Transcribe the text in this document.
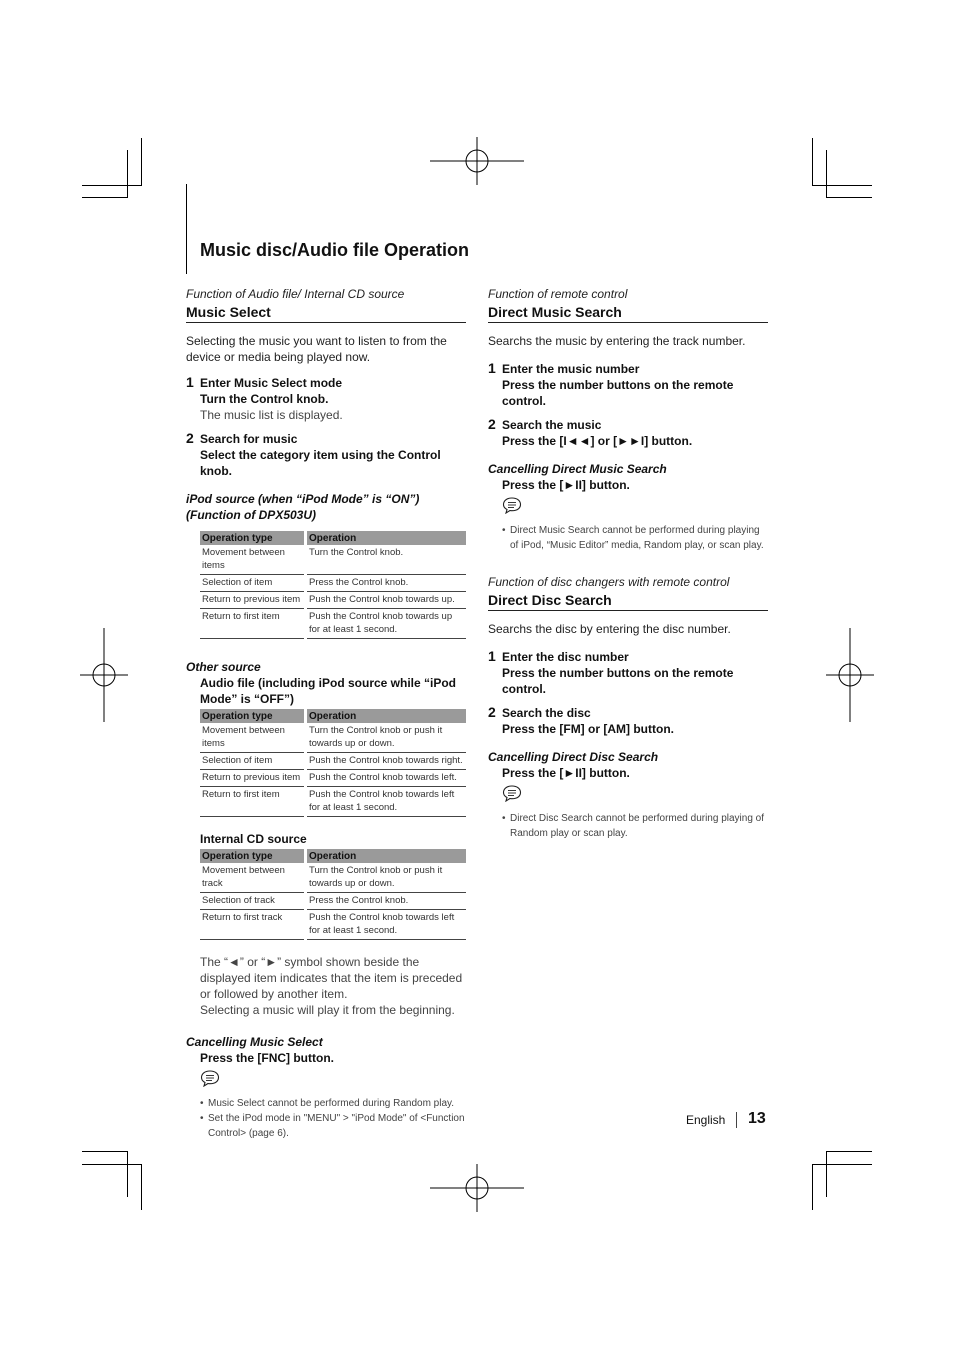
Music disc/Audio file Operation
Function of Audio file/ Internal CD source
Music Select

Selecting the music you want to listen to from the device or media being played now.

1 Enter Music Select mode
Turn the Control knob.
The music list is displayed.
2 Search for music
Select the category item using the Control knob.
iPod source (when “iPod Mode” is “ON”) (Function of DPX503U)
Operation type	Operation
Movement between items	Turn the Control knob.
Selection of item	Press the Control knob.
Return to previous item	Push the Control knob towards up.
Return to first item	Push the Control knob towards up for at least 1 second.
Other source
Audio file (including iPod source while “iPod Mode” is “OFF”)
Operation type	Operation
Movement between items	Turn the Control knob or push it towards up or down.
Selection of item	Push the Control knob towards right.
Return to previous item	Push the Control knob towards left.
Return to first item	Push the Control knob towards left for at least 1 second.
Internal CD source
Operation type	Operation
Movement between track	Turn the Control knob or push it towards up or down.
Selection of track	Press the Control knob.
Return to first track	Push the Control knob towards left for at least 1 second.

The “◄” or “►” symbol shown beside the displayed item indicates that the item is preceded or followed by another item.

Selecting a music will play it from the beginning.

Cancelling Music Select
Press the [FNC] button.
• Music Select cannot be performed during Random play.
• Set the iPod mode in "MENU" > "iPod Mode" of <Function Control> (page 6).
Function of remote control
Direct Music Search

Searchs the music by entering the track number.

1 Enter the music number
Press the number buttons on the remote control.
2 Search the music
Press the [I◄◄] or [►►I] button.
Cancelling Direct Music Search
Press the [►II] button.
• Direct Music Search cannot be performed during playing of iPod, “Music Editor” media, Random play, or scan play.
Function of disc changers with remote control
Direct Disc Search

Searchs the disc by entering the disc number.

1 Enter the disc number
Press the number buttons on the remote control.
2 Search the disc
Press the [FM] or [AM] button.
Cancelling Direct Disc Search
Press the [►II] button.
• Direct Disc Search cannot be performed during playing of Random play or scan play.
English 13
